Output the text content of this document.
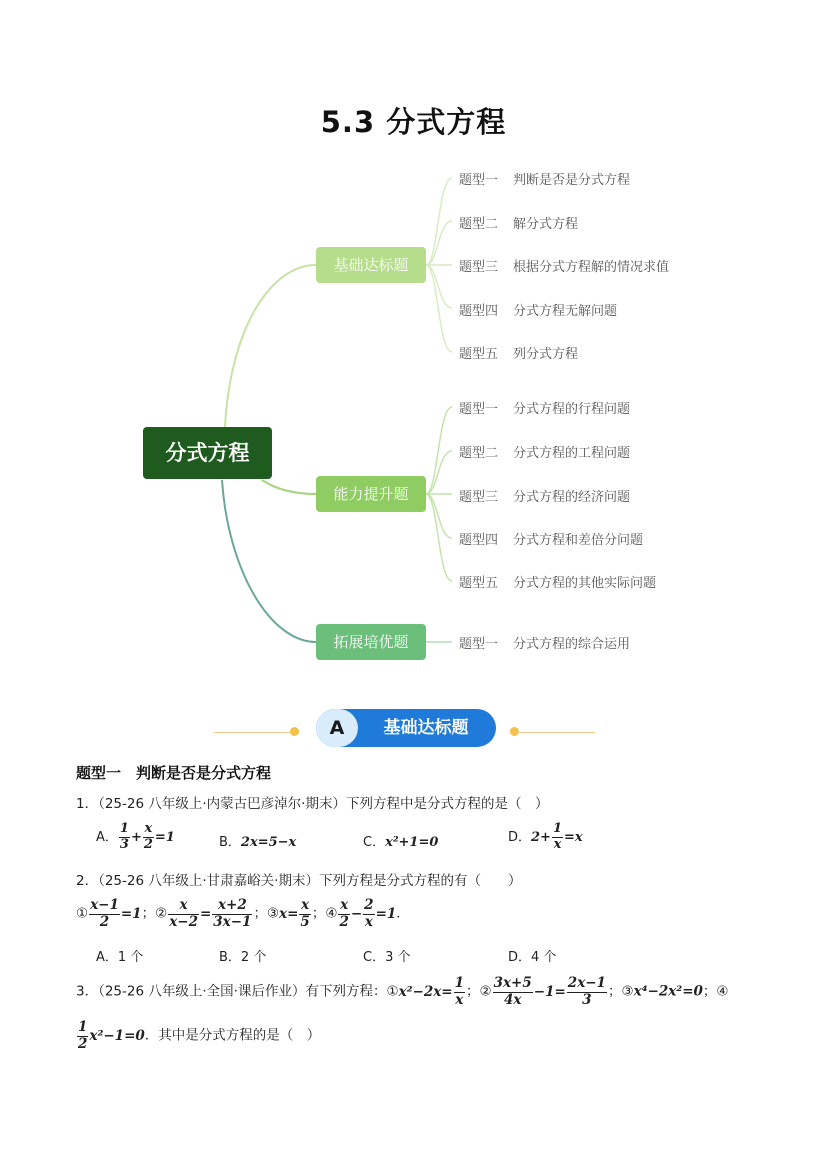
5.3 分式方程
分式方程
基础达标题
能力提升题
拓展培优题
题型一 判断是否是分式方程
题型二 解分式方程
题型三 根据分式方程解的情况求值
题型四 分式方程无解问题
题型五 列分式方程
题型一 分式方程的行程问题
题型二 分式方程的工程问题
题型三 分式方程的经济问题
题型四 分式方程和差倍分问题
题型五 分式方程的其他实际问题
题型一 分式方程的综合运用
A	基础达标题
题型一　判断是否是分式方程
1．（25-26 八年级上·内蒙古巴彦淖尔·期末）下列方程中是分式方程的是（　）
A． $\frac{1}{3} + \frac{x}{2} =1$	B．2x=5−x	C．x²+1=0	D．$2+ \frac{1}{x} =x$
2．（25-26 八年级上·甘肃嘉峪关·期末）下列方程是分式方程的有（　　）
① $\frac{x-1}{2} =1$；② $\frac{x}{x-2} = \frac{x+2}{3x-1}$ ；③x= $\frac{x}{5}$ ；④ $\frac{x}{2} - \frac{2}{x} =1$．
A．1 个	B．2 个	C．3 个	D．4 个
3．（25-26 八年级上·全国·课后作业）有下列方程：①x²−2x= $\frac{1}{x}$ ；② $\frac{3x+5}{4x} -1= \frac{2x-1}{3}$ ；③x⁴−2x²=0；④
$\frac{1}{2} x^2-1=0$．其中是分式方程的是（　）
